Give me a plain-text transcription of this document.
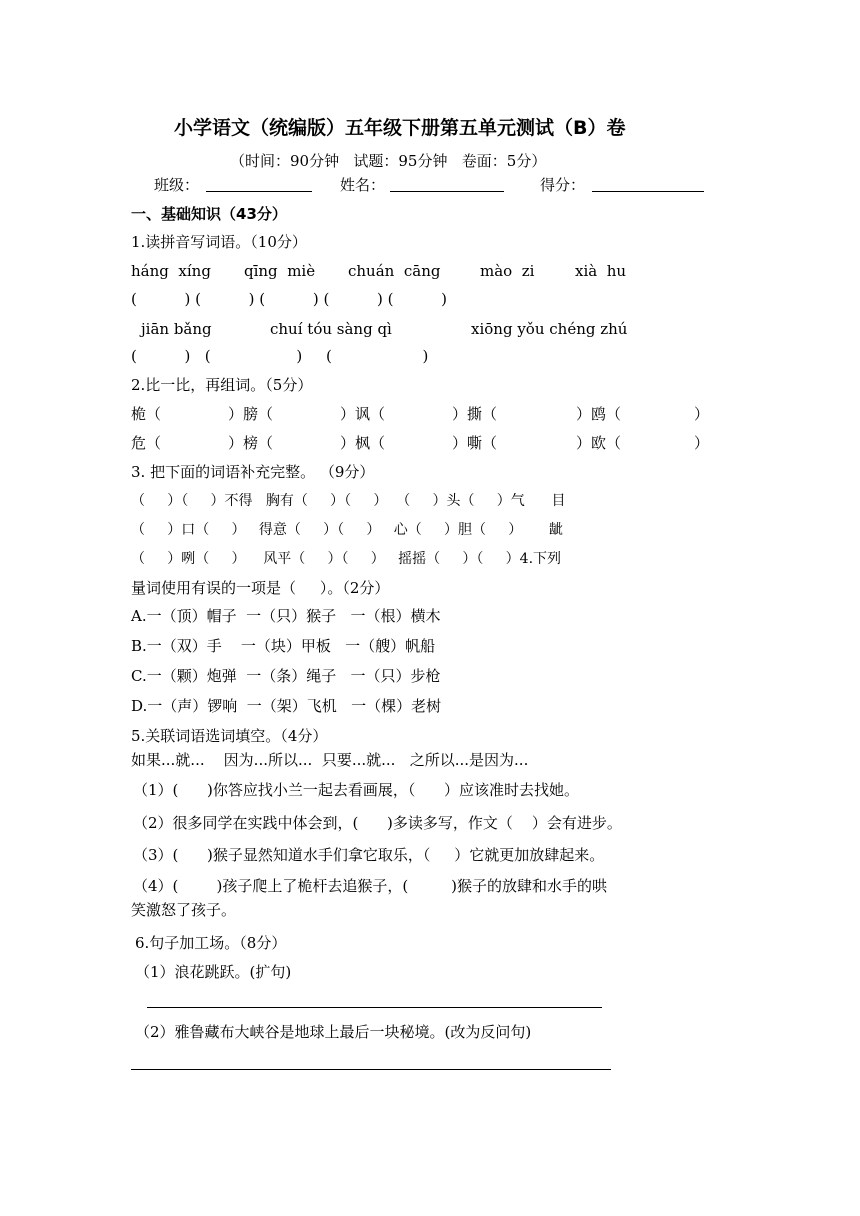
小学语文（统编版）五年级下册第五单元测试（B）卷
（时间：90分钟   试题：95分钟   卷面：5分）
班级：	姓名：	得分：
一、基础知识（43分）
1.读拼音写词语。（10分）
háng  xíng qīng  miè chuán  cāng	mào  zi	xià  hu
(          ) (          ) (          ) (          ) (          )
jiān bǎng	chuí tóu sàng qì	xiōng yǒu chéng zhú
(          )   (                  )     (                   )
2.比一比，再组词。（5分）
桅（	）膀（	）讽（	）撕（	）鸥（	）
危（	）榜（	）枫（	）嘶（	）欧（	）
3. 把下面的词语补充完整。 （9分）
（     ）（     ）不得   胸有（     ）（     ）  （     ）头（     ）气      目
（     ）口（     ）   得意（     ）（     ）   心（     ）胆（     ）      龇
（     ）咧（     ）    风平（     ）（     ）   摇摇（     ）（     ）4.下列
量词使用有误的一项是（     ）。（2分）
A.一（顶）帽子  一（只）猴子   一（根）横木
B.一（双）手    一（块）甲板   一（艘）帆船
C.一（颗）炮弹  一（条）绳子   一（只）步枪
D.一（声）锣响  一（架）飞机   一（棵）老树
5.关联词语选词填空。（4分）
如果...就...    因为...所以...  只要...就...   之所以...是因为...
（1）(      )你答应找小兰一起去看画展，（      ）应该准时去找她。
（2）很多同学在实践中体会到，(      )多读多写，作文（    ）会有进步。
（3）(      )猴子显然知道水手们拿它取乐，（     ）它就更加放肆起来。
（4）(        )孩子爬上了桅杆去追猴子，(         )猴子的放肆和水手的哄
笑激怒了孩子。
6.句子加工场。（8分）
（1）浪花跳跃。(扩句)
（2）雅鲁藏布大峡谷是地球上最后一块秘境。(改为反问句)
